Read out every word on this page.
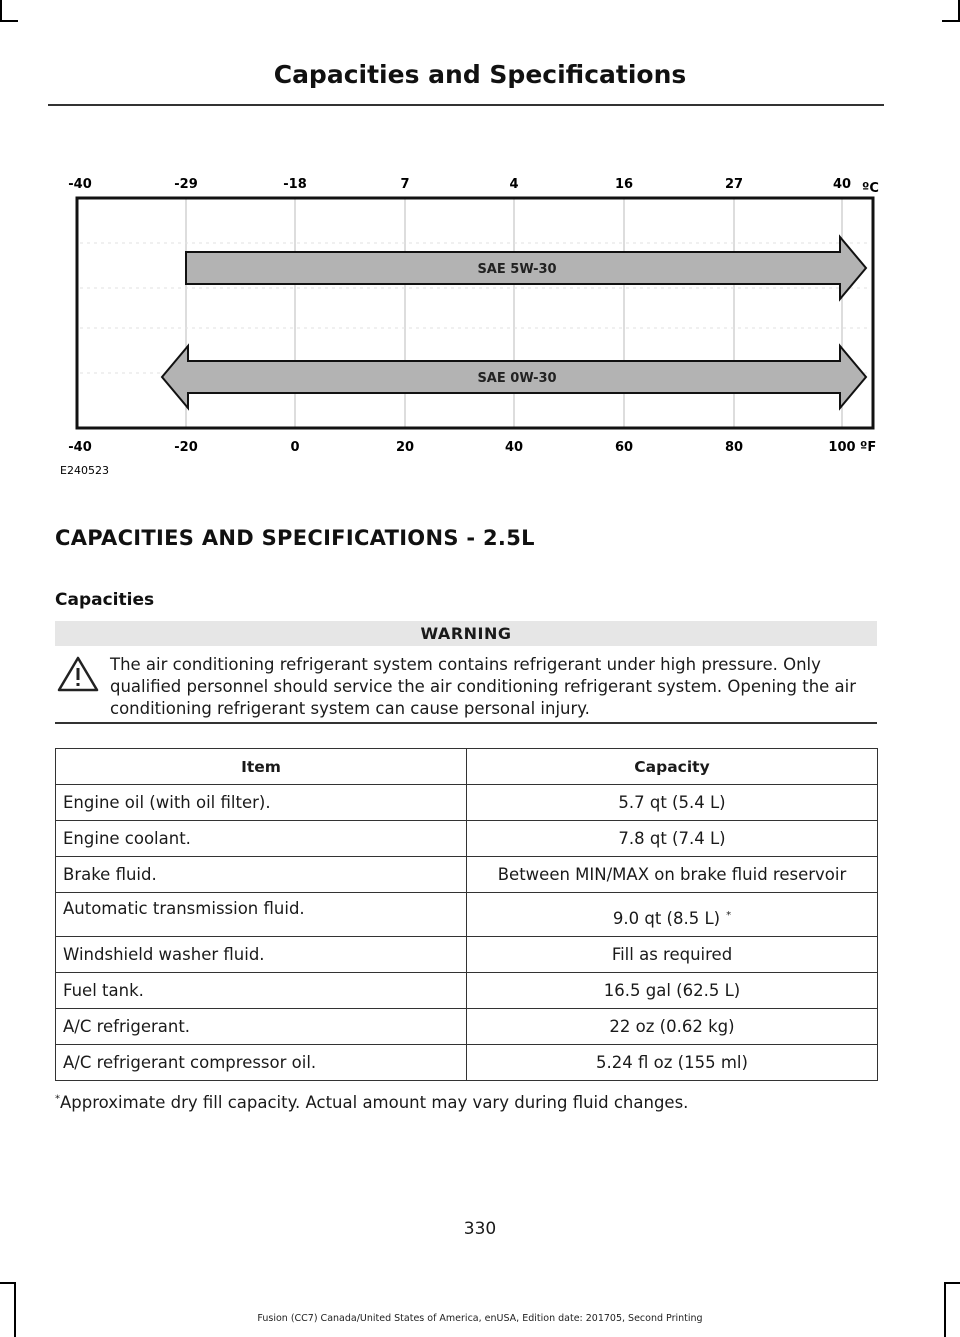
Capacities and Specifications
-40	-29	-18	7	4	16	27	40
-40	-20	0	20	40	60	80	100
SAE 5W-30
SAE 0W-30
ºC
ºF
E240523
CAPACITIES AND SPECIFICATIONS - 2.5L
Capacities
WARNING
The air conditioning refrigerant system contains refrigerant under high pressure. Only qualified personnel should service the air conditioning refrigerant system. Opening the air conditioning refrigerant system can cause personal injury.
Item	Capacity
Engine oil (with oil filter).	5.7 qt (5.4 L)
Engine coolant.	7.8 qt (7.4 L)
Brake fluid.	Between MIN/MAX on brake fluid reservoir
Automatic transmission fluid.	9.0 qt (8.5 L) *
Windshield washer fluid.	Fill as required
Fuel tank.	16.5 gal (62.5 L)
A/C refrigerant.	22 oz (0.62 kg)
A/C refrigerant compressor oil.	5.24 fl oz (155 ml)
*Approximate dry fill capacity. Actual amount may vary during fluid changes.
330
Fusion (CC7) Canada/United States of America, enUSA, Edition date: 201705, Second Printing
